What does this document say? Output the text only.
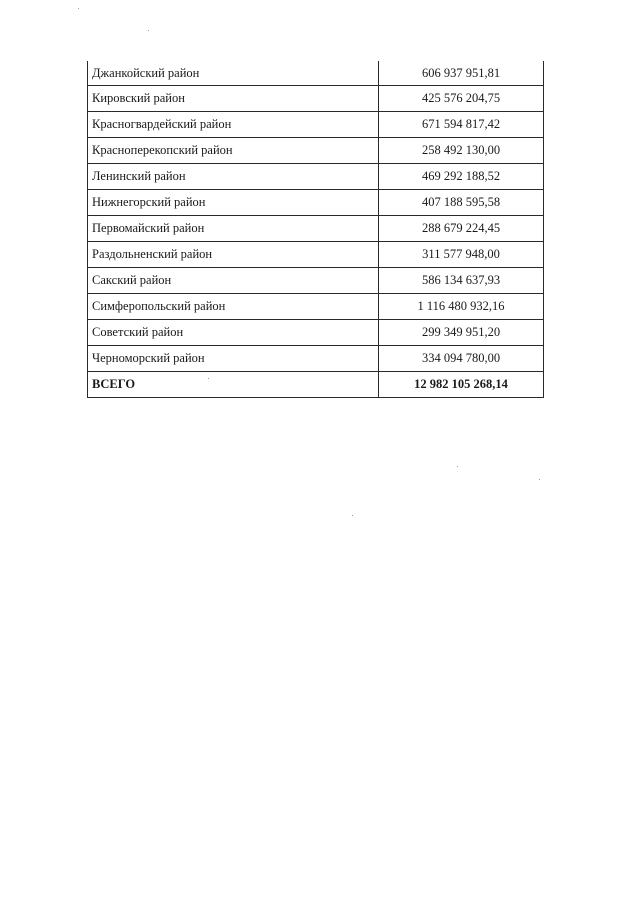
Джанкойский район	606 937 951,81
Кировский район	425 576 204,75
Красногвардейский район	671 594 817,42
Красноперекопский район	258 492 130,00
Ленинский район	469 292 188,52
Нижнегорский район	407 188 595,58
Первомайский район	288 679 224,45
Раздольненский район	311 577 948,00
Сакский район	586 134 637,93
Симферопольский район	1 116 480 932,16
Советский район	299 349 951,20
Черноморский район	334 094 780,00
ВСЕГО	12 982 105 268,14
